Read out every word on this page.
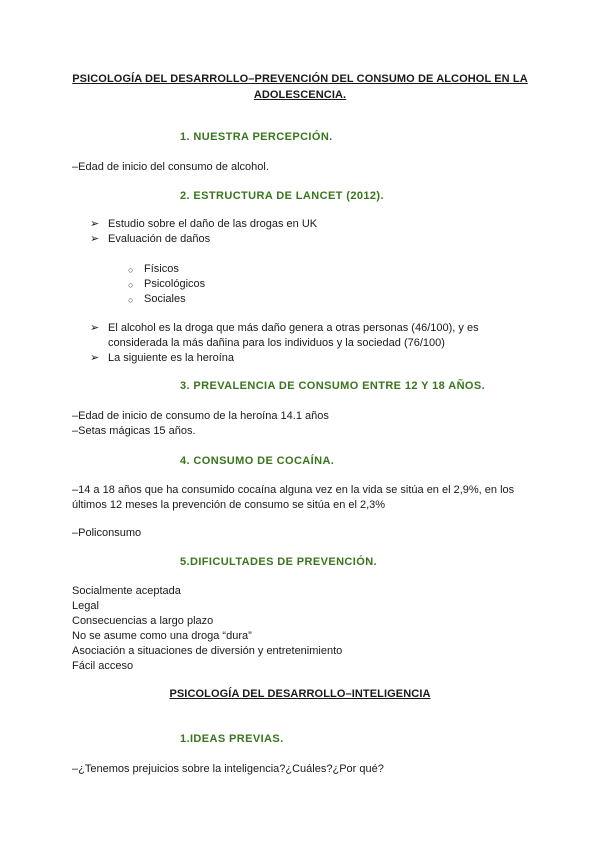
PSICOLOGÍA DEL DESARROLLO–PREVENCIÓN DEL CONSUMO DE ALCOHOL EN LA ADOLESCENCIA.
1. NUESTRA PERCEPCIÓN.
–Edad de inicio del consumo de alcohol.
2. ESTRUCTURA DE LANCET (2012).
➢ Estudio sobre el daño de las drogas en UK
➢ Evaluación de daños
○ Físicos
○ Psicológicos
○ Sociales
➢ El alcohol es la droga que más daño genera a otras personas (46/100), y es considerada la más dañina para los individuos y la sociedad (76/100)
➢ La siguiente es la heroína
3. PREVALENCIA DE CONSUMO ENTRE 12 Y 18 AÑOS.
–Edad de inicio de consumo de la heroína 14.1 años
–Setas mágicas 15 años.
4. CONSUMO DE COCAÍNA.
–14 a 18 años que ha consumido cocaína alguna vez en la vida se sitúa en el 2,9%, en los últimos 12 meses la prevención de consumo se sitúa en el 2,3%
–Policonsumo
5.DIFICULTADES DE PREVENCIÓN.
Socialmente aceptada
Legal
Consecuencias a largo plazo
No se asume como una droga “dura”
Asociación a situaciones de diversión y entretenimiento
Fácil acceso
PSICOLOGÍA DEL DESARROLLO–INTELIGENCIA
1.IDEAS PREVIAS.
–¿Tenemos prejuicios sobre la inteligencia?¿Cuáles?¿Por qué?
